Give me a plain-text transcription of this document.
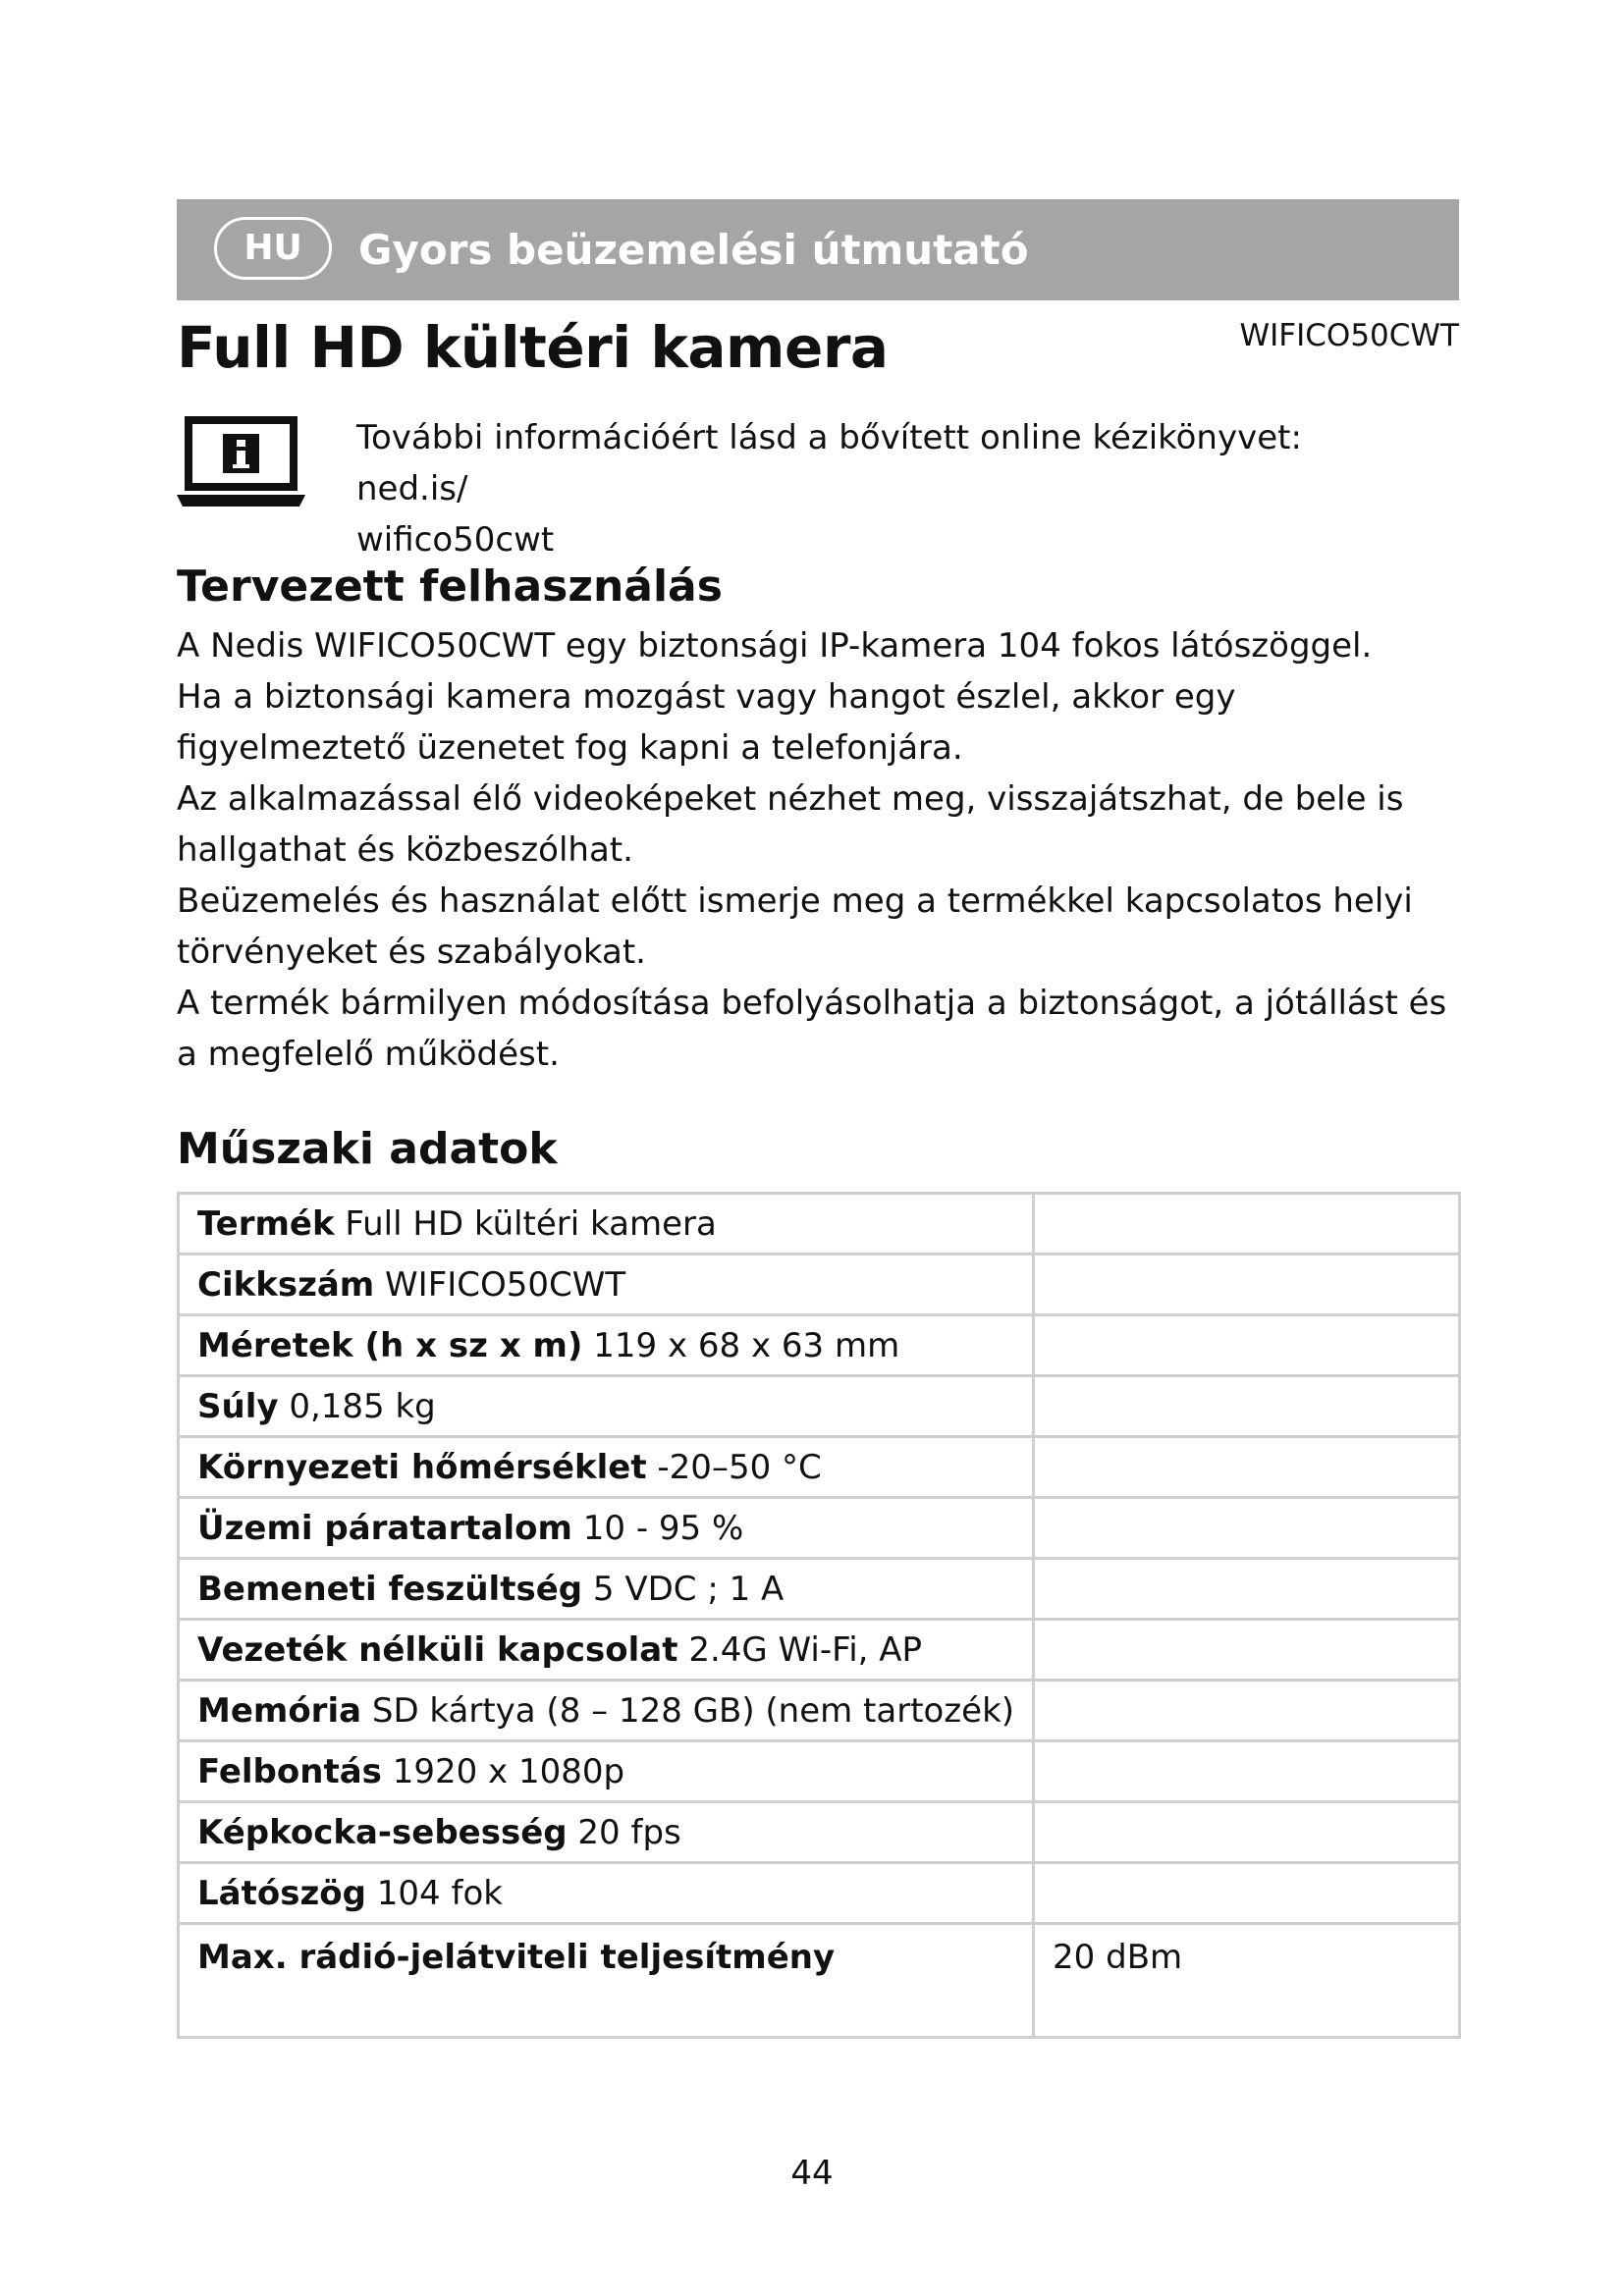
HU	Gyors beüzemelési útmutató
Full HD kültéri kamera	WIFICO50CWT
További információért lásd a bővített online kézikönyvet: ned.is/
wifico50cwt
Tervezett felhasználás

A Nedis WIFICO50CWT egy biztonsági IP-kamera 104 fokos látószöggel.

Ha a biztonsági kamera mozgást vagy hangot észlel, akkor egy figyelmeztető üzenetet fog kapni a telefonjára.

Az alkalmazással élő videoképeket nézhet meg, visszajátszhat, de bele is hallgathat és közbeszólhat.

Beüzemelés és használat előtt ismerje meg a termékkel kapcsolatos helyi törvényeket és szabályokat.

A termék bármilyen módosítása befolyásolhatja a biztonságot, a jótállást és a megfelelő működést.

Műszaki adatok
Termék Full HD kültéri kamera	
Cikkszám WIFICO50CWT	
Méretek (h x sz x m) 119 x 68 x 63 mm	
Súly 0,185 kg	
Környezeti hőmérséklet -20–50 °C	
Üzemi páratartalom 10 - 95 %	
Bemeneti feszültség 5 VDC ; 1 A	
Vezeték nélküli kapcsolat 2.4G Wi-Fi, AP	
Memória SD kártya (8 – 128 GB) (nem tartozék)	
Felbontás 1920 x 1080p	
Képkocka-sebesség 20 fps	
Látószög 104 fok	
Max. rádió-jelátviteli teljesítmény	20 dBm
44
